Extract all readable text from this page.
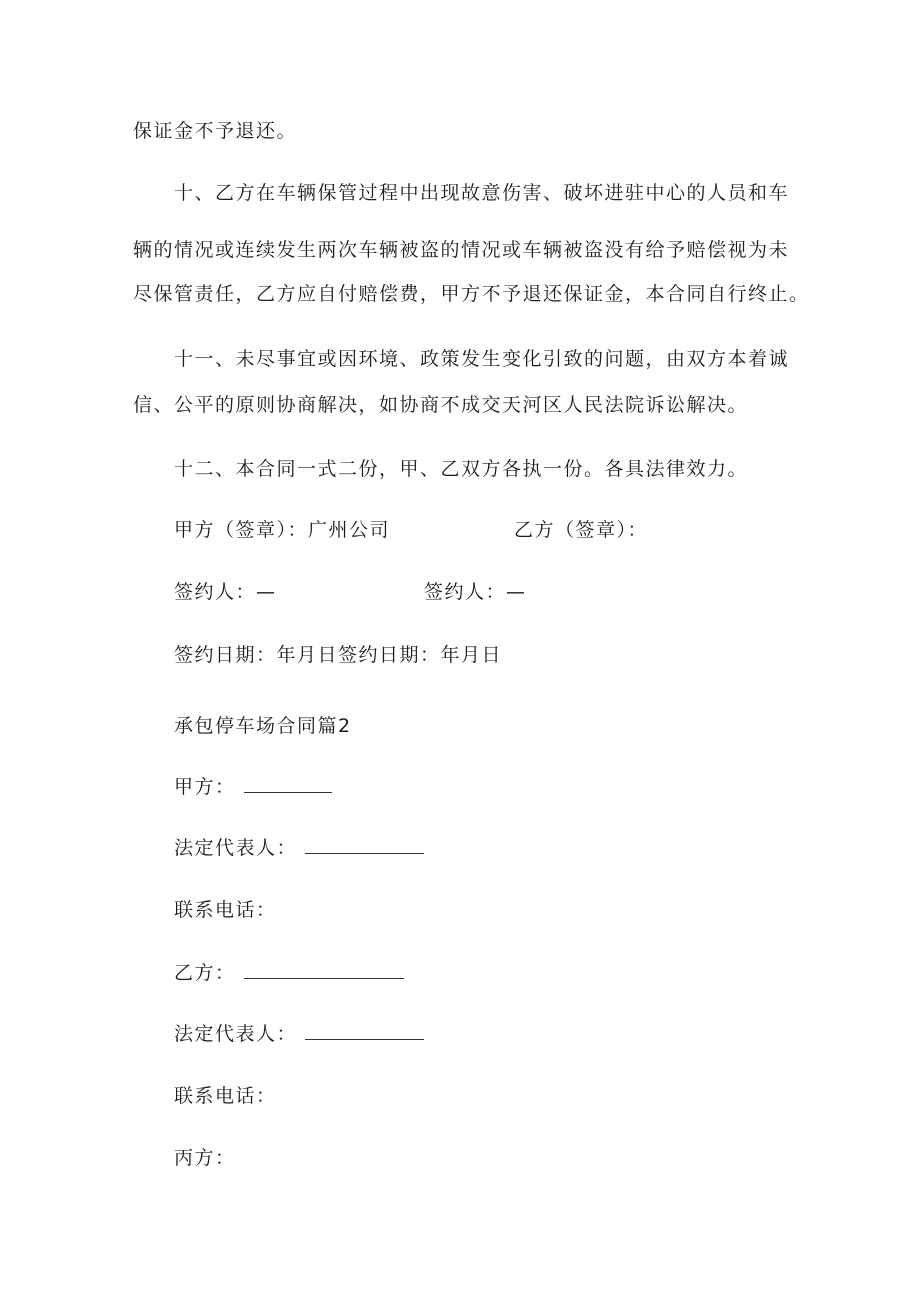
保证金不予退还。
十、乙方在车辆保管过程中出现故意伤害、破坏进驻中心的人员和车
辆的情况或连续发生两次车辆被盗的情况或车辆被盗没有给予赔偿视为未
尽保管责任，乙方应自付赔偿费，甲方不予退还保证金，本合同自行终止。
十一、未尽事宜或因环境、政策发生变化引致的问题，由双方本着诚
信、公平的原则协商解决，如协商不成交天河区人民法院诉讼解决。
十二、本合同一式二份，甲、乙双方各执一份。各具法律效力。
甲方（签章）：广州公司	乙方（签章）：
签约人：—	签约人：—
签约日期：年月日签约日期：年月日
承包停车场合同篇2
甲方：
法定代表人：
联系电话：
乙方：
法定代表人：
联系电话：
丙方：
